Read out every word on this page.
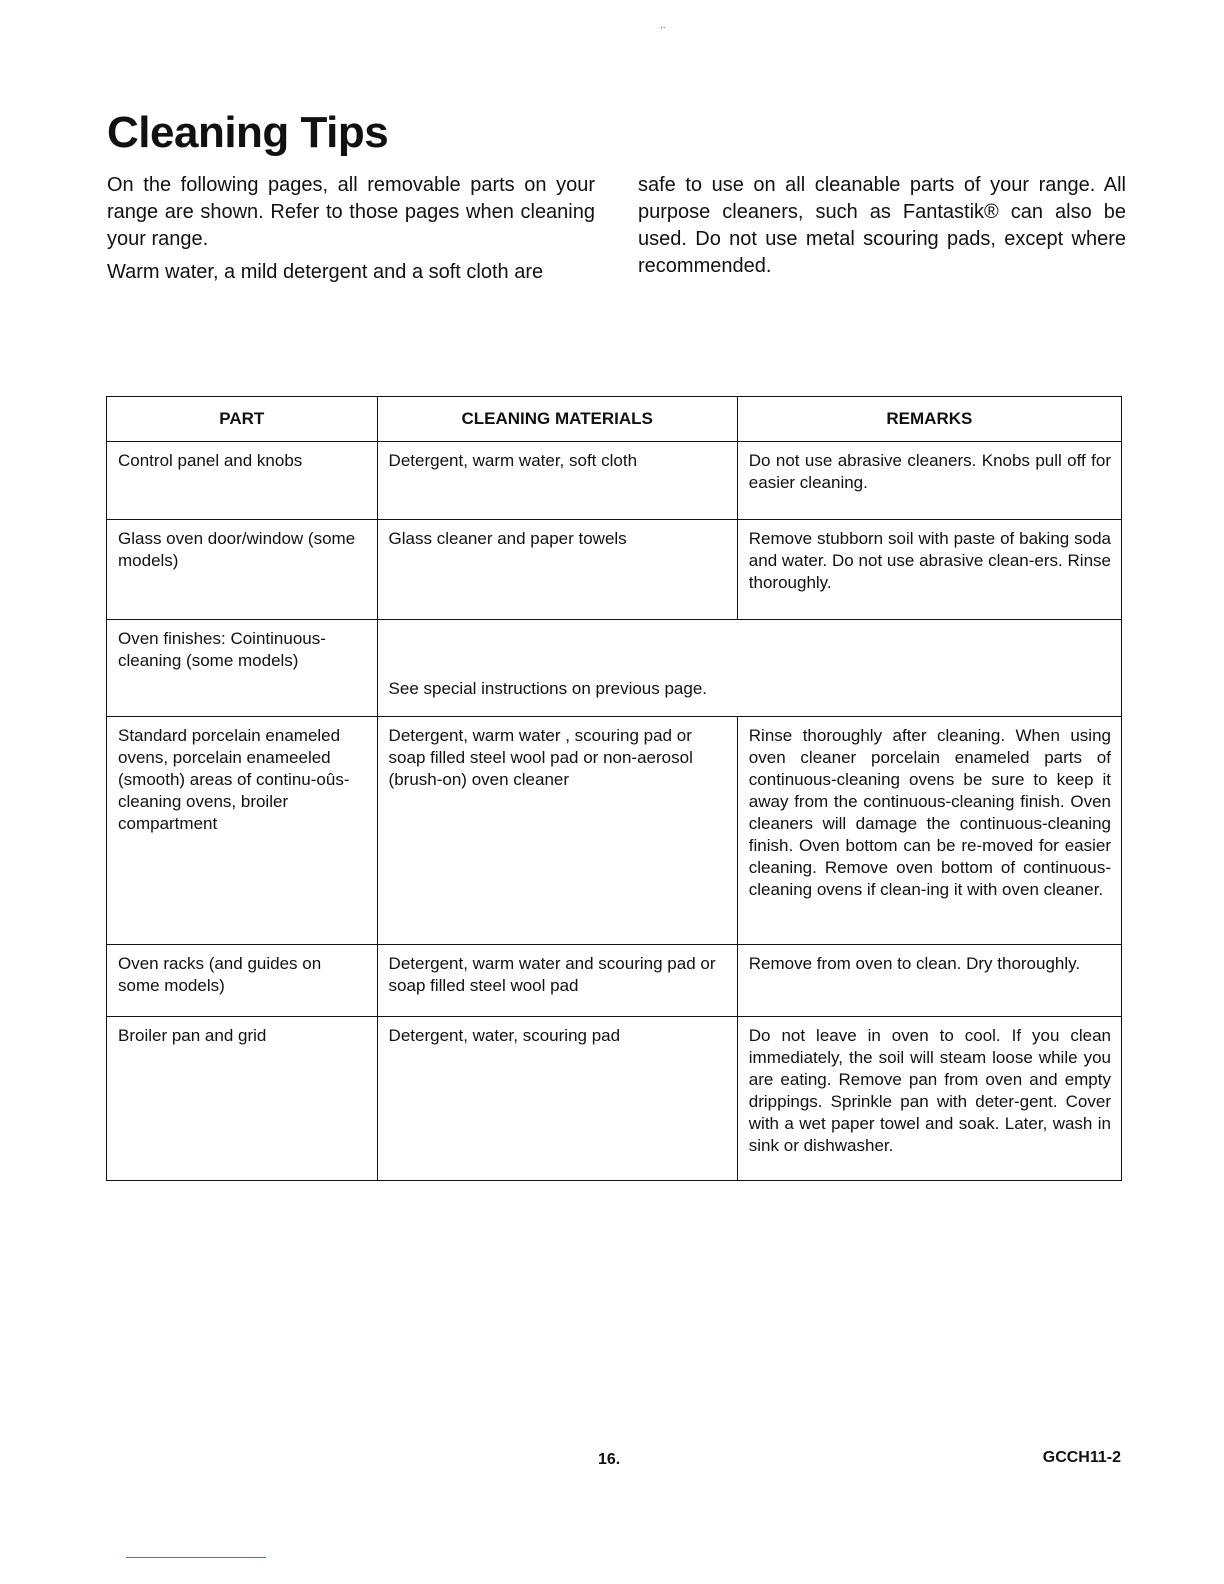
..
Cleaning Tips

On the following pages, all removable parts on your range are shown. Refer to those pages when cleaning your range.

Warm water, a mild detergent and a soft cloth are

safe to use on all cleanable parts of your range. All purpose cleaners, such as Fantastik® can also be used. Do not use metal scouring pads, except where recommended.

PART	CLEANING MATERIALS	REMARKS

Control panel and knobs	Detergent, warm water, soft cloth	Do not use abrasive cleaners. Knobs pull off for easier cleaning.

Glass oven door/window (some models)	Glass cleaner and paper towels	Remove stubborn soil with paste of baking soda and water. Do not use abrasive clean-ers. Rinse thoroughly.

Oven finishes: Cointinuous-cleaning (some models)	See special instructions on previous page.	

Standard porcelain enameled ovens, porcelain enameeled (smooth) areas of continu-oûs-cleaning ovens, broiler compartment	Detergent, warm water , scouring pad or soap filled steel wool pad or non-aerosol (brush-on) oven cleaner	Rinse thoroughly after cleaning. When using oven cleaner porcelain enameled parts of continuous-cleaning ovens be sure to keep it away from the continuous-cleaning finish. Oven cleaners will damage the continuous-cleaning finish. Oven bottom can be re-moved for easier cleaning. Remove oven bottom of continuous-cleaning ovens if clean-ing it with oven cleaner.

Oven racks (and guides on some models)	Detergent, warm water and scouring pad or soap filled steel wool pad	Remove from oven to clean. Dry thoroughly.

Broiler pan and grid	Detergent, water, scouring pad	Do not leave in oven to cool. If you clean immediately, the soil will steam loose while you are eating. Remove pan from oven and empty drippings. Sprinkle pan with deter-gent. Cover with a wet paper towel and soak. Later, wash in sink or dishwasher.
16.	GCCH11-2
